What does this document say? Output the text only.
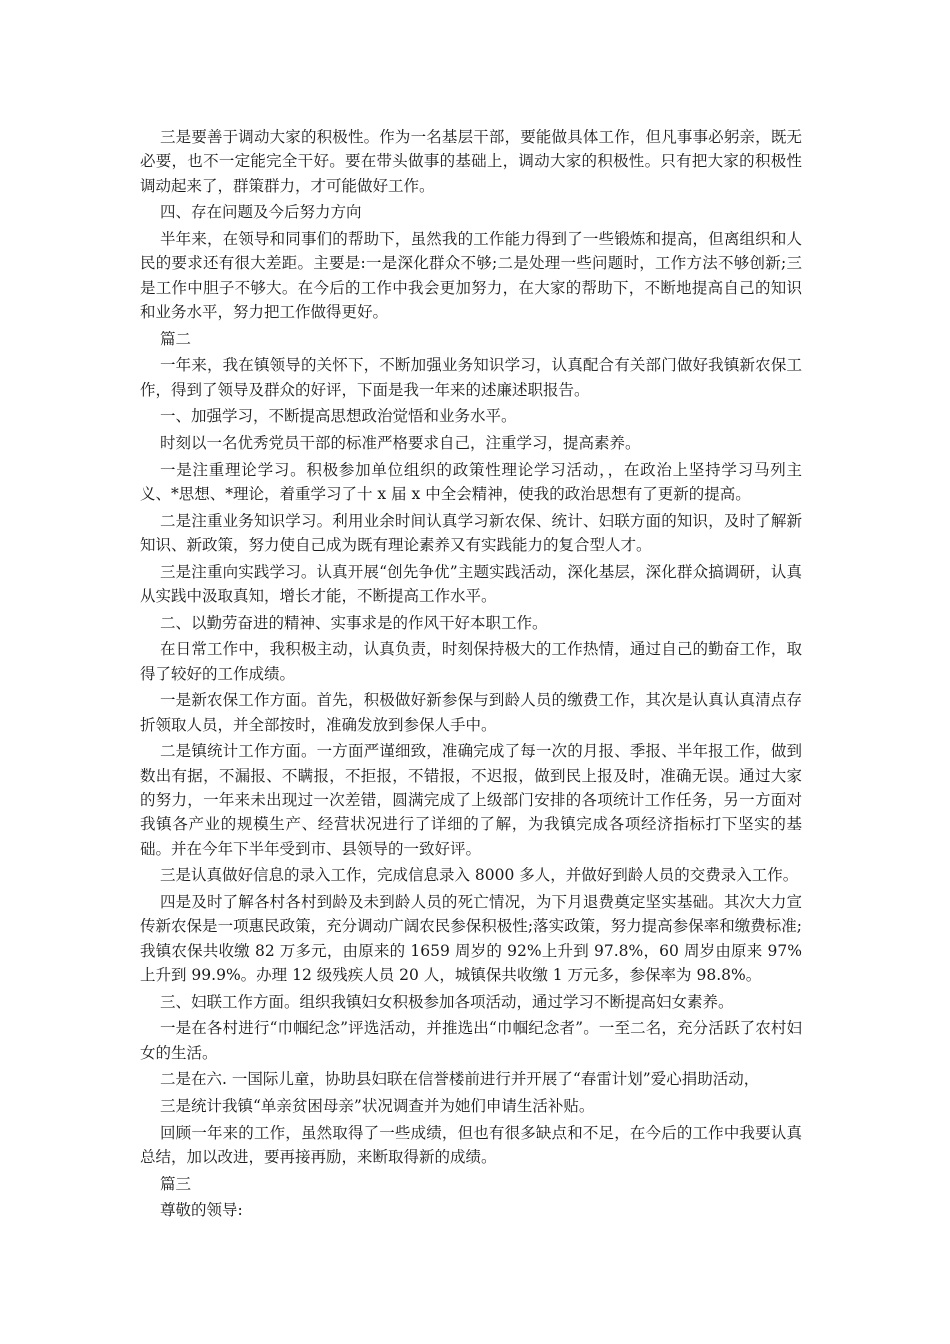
三是要善于调动大家的积极性。作为一名基层干部，要能做具体工作，但凡事事必躬亲，既无必要，也不一定能完全干好。要在带头做事的基础上，调动大家的积极性。只有把大家的积极性调动起来了，群策群力，才可能做好工作。

四、存在问题及今后努力方向

半年来，在领导和同事们的帮助下，虽然我的工作能力得到了一些锻炼和提高，但离组织和人民的要求还有很大差距。主要是:一是深化群众不够;二是处理一些问题时，工作方法不够创新;三是工作中胆子不够大。在今后的工作中我会更加努力，在大家的帮助下，不断地提高自己的知识和业务水平，努力把工作做得更好。

篇二

一年来，我在镇领导的关怀下，不断加强业务知识学习，认真配合有关部门做好我镇新农保工作，得到了领导及群众的好评，下面是我一年来的述廉述职报告。

一、加强学习，不断提高思想政治觉悟和业务水平。

时刻以一名优秀党员干部的标准严格要求自己，注重学习，提高素养。

一是注重理论学习。积极参加单位组织的政策性理论学习活动，，在政治上坚持学习马列主义、*思想、*理论，着重学习了十 x 届 x 中全会精神，使我的政治思想有了更新的提高。

二是注重业务知识学习。利用业余时间认真学习新农保、统计、妇联方面的知识，及时了解新知识、新政策，努力使自己成为既有理论素养又有实践能力的复合型人才。

三是注重向实践学习。认真开展“创先争优”主题实践活动，深化基层，深化群众搞调研，认真从实践中汲取真知，增长才能，不断提高工作水平。

二、以勤劳奋进的精神、实事求是的作风干好本职工作。

在日常工作中，我积极主动，认真负责，时刻保持极大的工作热情，通过自己的勤奋工作，取得了较好的工作成绩。

一是新农保工作方面。首先，积极做好新参保与到龄人员的缴费工作，其次是认真认真清点存折领取人员，并全部按时，准确发放到参保人手中。

二是镇统计工作方面。一方面严谨细致，准确完成了每一次的月报、季报、半年报工作，做到数出有据，不漏报、不瞒报，不拒报，不错报，不迟报，做到民上报及时，准确无误。通过大家的努力，一年来未出现过一次差错，圆满完成了上级部门安排的各项统计工作任务，另一方面对我镇各产业的规模生产、经营状况进行了详细的了解，为我镇完成各项经济指标打下坚实的基础。并在今年下半年受到市、县领导的一致好评。

三是认真做好信息的录入工作，完成信息录入 8000 多人，并做好到龄人员的交费录入工作。

四是及时了解各村各村到龄及未到龄人员的死亡情况，为下月退费奠定坚实基础。其次大力宣传新农保是一项惠民政策，充分调动广阔农民参保积极性;落实政策，努力提高参保率和缴费标准;我镇农保共收缴 82 万多元，由原来的 1659 周岁的 92%上升到 97.8%，60 周岁由原来 97%上升到 99.9%。办理 12 级残疾人员 20 人，城镇保共收缴 1 万元多，参保率为 98.8%。

三、妇联工作方面。组织我镇妇女积极参加各项活动，通过学习不断提高妇女素养。

一是在各村进行“巾帼纪念”评选活动，并推选出“巾帼纪念者”。一至二名，充分活跃了农村妇女的生活。

二是在六. 一国际儿童，协助县妇联在信誉楼前进行并开展了“春雷计划”爱心捐助活动，

三是统计我镇“单亲贫困母亲”状况调查并为她们申请生活补贴。

回顾一年来的工作，虽然取得了一些成绩，但也有很多缺点和不足，在今后的工作中我要认真总结，加以改进，要再接再励，来断取得新的成绩。

篇三

尊敬的领导:
